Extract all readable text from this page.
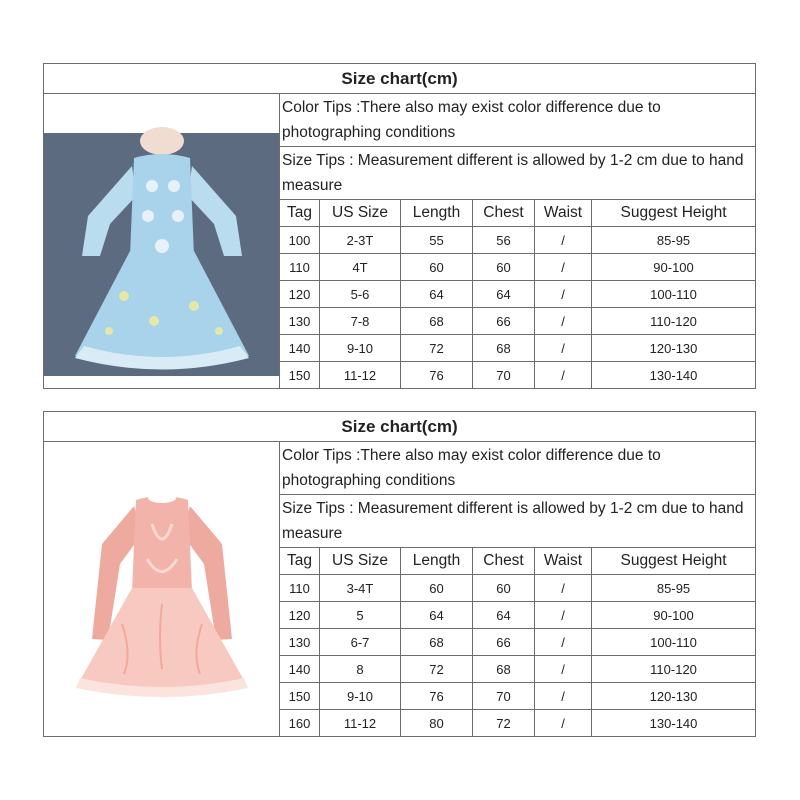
Size chart(cm)						

	Color Tips :There also may exist color difference due to photographing conditions					

	Size Tips : Measurement different is allowed by 1-2 cm due to hand measure					
	Tag	US Size	Length	Chest	Waist	Suggest Height
	100	2-3T	55	56	/	85-95
	110	4T	60	60	/	90-100
	120	5-6	64	64	/	100-110
	130	7-8	68	66	/	110-120
	140	9-10	72	68	/	120-130
	150	11-12	76	70	/	130-140
Size chart(cm)						

	Color Tips :There also may exist color difference due to photographing conditions					

	Size Tips : Measurement different is allowed by 1-2 cm due to hand measure					
	Tag	US Size	Length	Chest	Waist	Suggest Height
	110	3-4T	60	60	/	85-95
	120	5	64	64	/	90-100
	130	6-7	68	66	/	100-110
	140	8	72	68	/	110-120
	150	9-10	76	70	/	120-130
	160	11-12	80	72	/	130-140
